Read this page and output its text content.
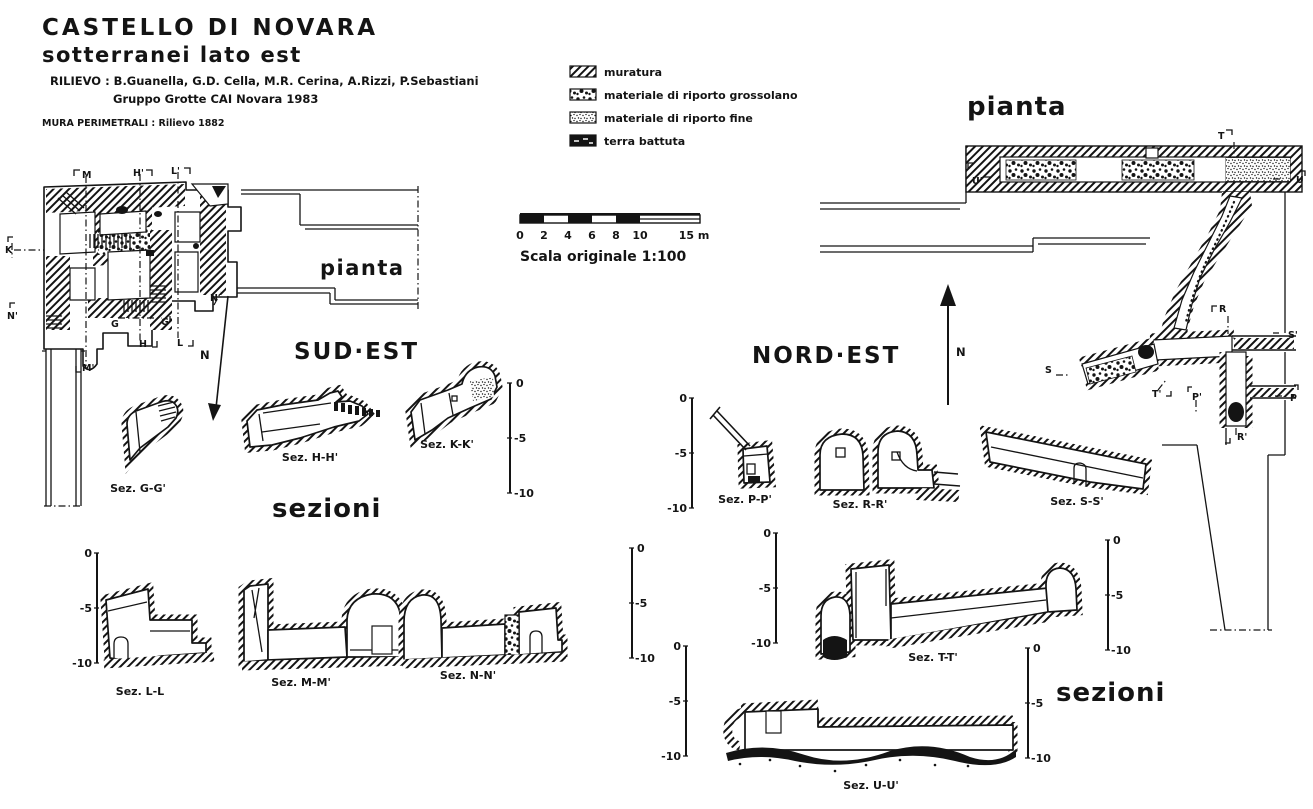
CASTELLO DI NOVARA
sotterranei lato est
RILIEVO : B.Guanella, G.D. Cella, M.R. Cerina, A.Rizzi, P.Sebastiani
Gruppo Grotte CAI Novara 1983
MURA PERIMETRALI : Rilievo 1882
muratura
materiale di riporto grossolano
materiale di riporto fine
terra battuta
0 2 4 6 8 10	15 m
Scala originale 1:100
pianta
pianta
SUD·EST	NORD·EST
sezioni
sezioni
M	H'	L'
K
N'
G	G'
H	L
M'
N
N
T
U
U'
R
S'
S
T'	P'	P
R'
N
Sez. G-G'
Sez. H-H'
Sez. K-K'
Sez. L-L
Sez. M-M'
Sez. N-N'
Sez. P-P'	Sez. R-R'	Sez. S-S'
Sez. T-T'
Sez. U-U'
0
-5
-10
0
-5
-10
0
-5
-10
0
-5
-10
0
-5
-10
0
-5
-10
0
-5
-10
0
-5
-10
